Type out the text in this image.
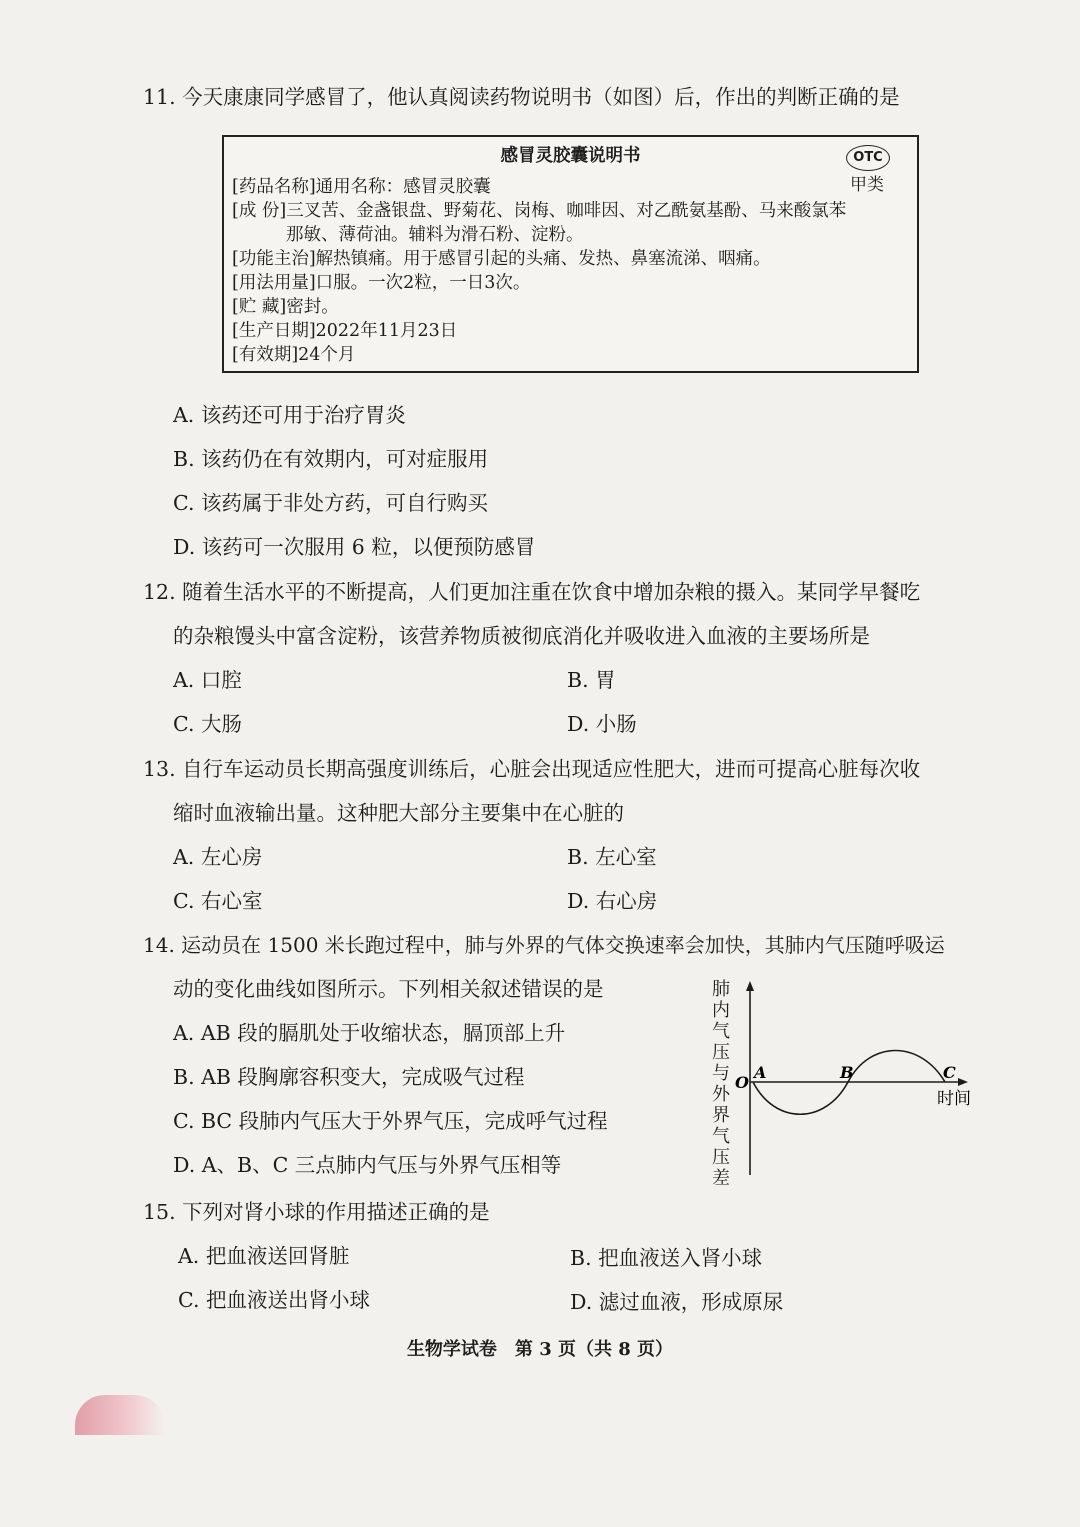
11. 今天康康同学感冒了，他认真阅读药物说明书（如图）后，作出的判断正确的是
感冒灵胶囊说明书	OTC
甲类
[药品名称]通用名称：感冒灵胶囊
[成 份]三叉苦、金盏银盘、野菊花、岗梅、咖啡因、对乙酰氨基酚、马来酸氯苯
那敏、薄荷油。辅料为滑石粉、淀粉。
[功能主治]解热镇痛。用于感冒引起的头痛、发热、鼻塞流涕、咽痛。
[用法用量]口服。一次2粒，一日3次。
[贮 藏]密封。
[生产日期]2022年11月23日
[有效期]24个月
A. 该药还可用于治疗胃炎
B. 该药仍在有效期内，可对症服用
C. 该药属于非处方药，可自行购买
D. 该药可一次服用 6 粒，以便预防感冒
12. 随着生活水平的不断提高，人们更加注重在饮食中增加杂粮的摄入。某同学早餐吃
的杂粮馒头中富含淀粉，该营养物质被彻底消化并吸收进入血液的主要场所是
A. 口腔	B. 胃
C. 大肠	D. 小肠
13. 自行车运动员长期高强度训练后，心脏会出现适应性肥大，进而可提高心脏每次收
缩时血液输出量。这种肥大部分主要集中在心脏的
A. 左心房	B. 左心室
C. 右心室	D. 右心房
14. 运动员在 1500 米长跑过程中，肺与外界的气体交换速率会加快，其肺内气压随呼吸运
动的变化曲线如图所示。下列相关叙述错误的是
A. AB 段的膈肌处于收缩状态，膈顶部上升
B. AB 段胸廓容积变大，完成吸气过程
C. BC 段肺内气压大于外界气压，完成呼气过程
D. A、B、C 三点肺内气压与外界气压相等
肺
内
气
压
与
外
界
气
压
差
O
A	B	C
时间
15. 下列对肾小球的作用描述正确的是
A. 把血液送回肾脏	B. 把血液送入肾小球
C. 把血液送出肾小球	D. 滤过血液，形成原尿
生物学试卷　第 3 页（共 8 页）
